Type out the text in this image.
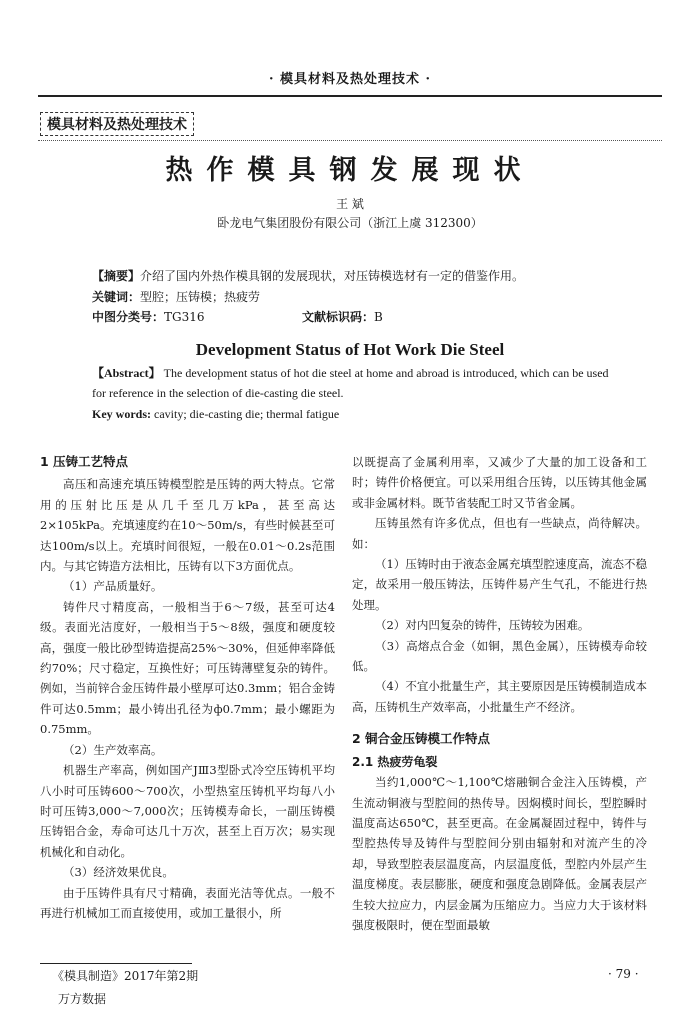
· 模具材料及热处理技术 ·
模具材料及热处理技术
热作模具钢发展现状
王 斌
卧龙电气集团股份有限公司（浙江上虞 312300）
【摘要】介绍了国内外热作模具钢的发展现状，对压铸模选材有一定的借鉴作用。
关键词：型腔；压铸模；热疲劳
中图分类号：TG316	文献标识码：B
Development Status of Hot Work Die Steel
【Abstract】 The development status of hot die steel at home and abroad is introduced, which can be used for reference in the selection of die-casting die steel.
Key words: cavity; die-casting die; thermal fatigue
1 压铸工艺特点

高压和高速充填压铸模型腔是压铸的两大特点。它常用的压射比压是从几千至几万kPa，甚至高达2×105kPa。充填速度约在10～50m/s，有些时候甚至可达100m/s以上。充填时间很短，一般在0.01～0.2s范围内。与其它铸造方法相比，压铸有以下3方面优点。

（1）产品质量好。

铸件尺寸精度高，一般相当于6～7级，甚至可达4级。表面光洁度好，一般相当于5～8级，强度和硬度较高，强度一般比砂型铸造提高25%～30%，但延伸率降低约70%；尺寸稳定，互换性好；可压铸薄壁复杂的铸件。例如，当前锌合金压铸件最小壁厚可达0.3mm；铝合金铸件可达0.5mm；最小铸出孔径为ф0.7mm；最小螺距为0.75mm。

（2）生产效率高。

机器生产率高，例如国产JⅢ3型卧式冷空压铸机平均八小时可压铸600～700次，小型热室压铸机平均每八小时可压铸3,000～7,000次；压铸模寿命长，一副压铸模压铸铝合金，寿命可达几十万次，甚至上百万次；易实现机械化和自动化。

（3）经济效果优良。

由于压铸件具有尺寸精确，表面光洁等优点。一般不再进行机械加工而直接使用，或加工量很小，所

以既提高了金属利用率，又减少了大量的加工设备和工时；铸件价格便宜。可以采用组合压铸，以压铸其他金属或非金属材料。既节省装配工时又节省金属。

压铸虽然有许多优点，但也有一些缺点，尚待解决。如：

（1）压铸时由于液态金属充填型腔速度高，流态不稳定，故采用一般压铸法，压铸件易产生气孔，不能进行热处理。

（2）对内凹复杂的铸件，压铸较为困难。

（3）高熔点合金（如铜，黑色金属），压铸模寿命较低。

（4）不宜小批量生产，其主要原因是压铸模制造成本高，压铸机生产效率高，小批量生产不经济。

2 铜合金压铸模工作特点
2.1 热疲劳龟裂

当约1,000℃～1,100℃熔融铜合金注入压铸模，产生流动铜液与型腔间的热传导。因焖模时间长，型腔瞬时温度高达650℃，甚至更高。在金属凝固过程中，铸件与型腔热传导及铸件与型腔间分别由辐射和对流产生的冷却，导致型腔表层温度高，内层温度低，型腔内外层产生温度梯度。表层膨胀，硬度和强度急剧降低。金属表层产生较大拉应力，内层金属为压缩应力。当应力大于该材料强度极限时，便在型面最敏

《模具制造》2017年第2期	· 79 ·
万方数据
